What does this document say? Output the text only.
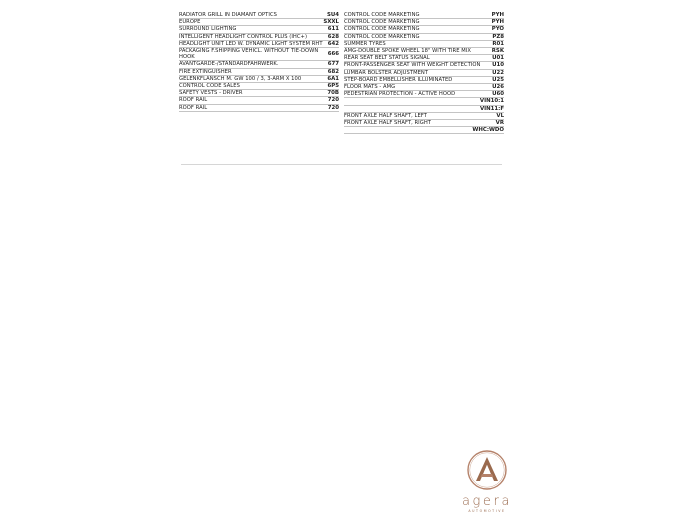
RADIATOR GRILL IN DIAMANT OPTICS	SU4
EUROPE	SXXL
SURROUND LIGHTING	611
INTELLIGENT HEADLIGHT CONTROL PLUS (IHC+)	628
HEADLIGHT UNIT LED W. DYNAMIC LIGHT SYSTEM RHT 642
PACKAGING F.SHIPPING VEHICL. WITHOUT TIE-DOWN HOOK
666
AVANTGARDE-/STANDARDFAHRWERK.	677
FIRE EXTINGUISHER	682
GELENKFLANSCH M. GW 100 / 3, 3-ARM X 100	6A1
CONTROL CODE SALES	6P5
SAFETY VESTS - DRIVER	70B
ROOF RAIL	720
ROOF RAIL	720
CONTROL CODE MARKETING	PYH
CONTROL CODE MARKETING	PYH
CONTROL CODE MARKETING	PYO
CONTROL CODE MARKETING	PZ8
SUMMER TYRES	R01
AMG-DOUBLE SPOKE WHEEL 18" WITH TIRE MIX	RSK
REAR SEAT BELT STATUS SIGNAL	U01
FRONT-PASSENGER SEAT WITH WEIGHT DETECTION	U10
LUMBAR BOLSTER ADJUSTMENT	U22
STEP-BOARD EMBELLISHER ILLUMINATED	U25
FLOOR MATS - AMG	U26
PEDESTRIAN PROTECTION - ACTIVE HOOD	U60
VIN10:1
VIN11:F
FRONT AXLE HALF SHAFT, LEFT	VL
FRONT AXLE HALF SHAFT, RIGHT	VR
WHC:WDO
agera
AUTOMOTIVE
